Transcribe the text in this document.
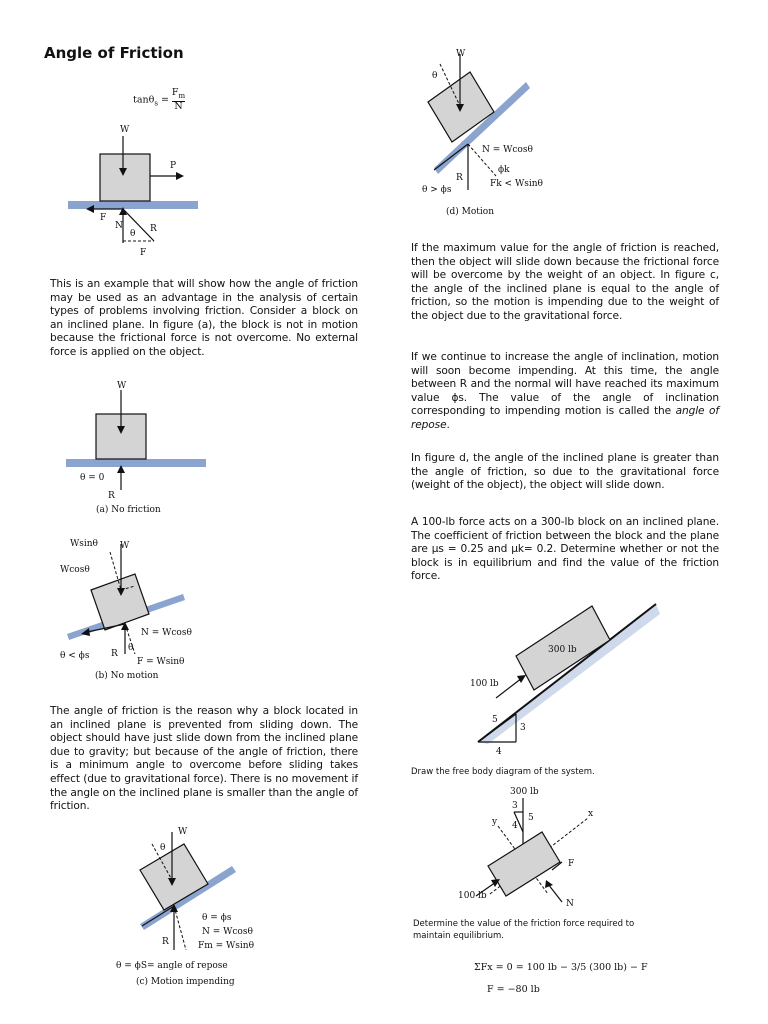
Angle of Friction
$\tan\theta_s = \frac{F_m}{N}$
W
P
F
N
θ R
F
This is an example that will show how the angle of friction may be used as an advantage in the analysis of certain types of problems involving friction. Consider a block on an inclined plane. In figure (a), the block is not in motion because the frictional force is not overcome. No external force is applied on the object.
W
θ = 0
R
(a) No friction
Wsinθ W
Wcosθ
N = Wcosθ
θ < ϕs R
θ
F = Wsinθ
(b) No motion
The angle of friction is the reason why a block located in an inclined plane is prevented from sliding down. The object should have just slide down from the inclined plane due to gravity; but because of the angle of friction, there is a minimum angle to overcome before sliding takes effect (due to gravitational force). There is no movement if the angle on the inclined plane is smaller than the angle of friction.
W
θ
θ = ϕs
N = Wcosθ
R	Fm = Wsinθ
θ = ϕS= angle of repose
(c) Motion impending
W
θ
N = Wcosθ
ϕk
R
Fk < Wsinθ
θ > ϕs
(d) Motion
If the maximum value for the angle of friction is reached, then the object will slide down because the frictional force will be overcome by the weight of an object. In figure c, the angle of the inclined plane is equal to the angle of friction, so the motion is impending due to the weight of the object due to the gravitational force.
If we continue to increase the angle of inclination, motion will soon become impending. At this time, the angle between R and the normal will have reached its maximum value ϕs. The value of the angle of inclination corresponding to impending motion is called the angle of repose.
In figure d, the angle of the inclined plane is greater than the angle of friction, so due to the gravitational force (weight of the object), the object will slide down.
A 100-lb force acts on a 300-lb block on an inclined plane. The coefficient of friction between the block and the plane are μs = 0.25 and μk= 0.2. Determine whether or not the block is in equilibrium and find the value of the friction force.
300 lb
100 lb
5
3
4
Draw the free body diagram of the system.
300 lb
3
4
5
y
x
F
N
100 lb
Determine the value of the friction force required to maintain equilibrium.
ΣFx = 0 = 100 lb − 3/5 (300 lb) − F
F = −80 lb
